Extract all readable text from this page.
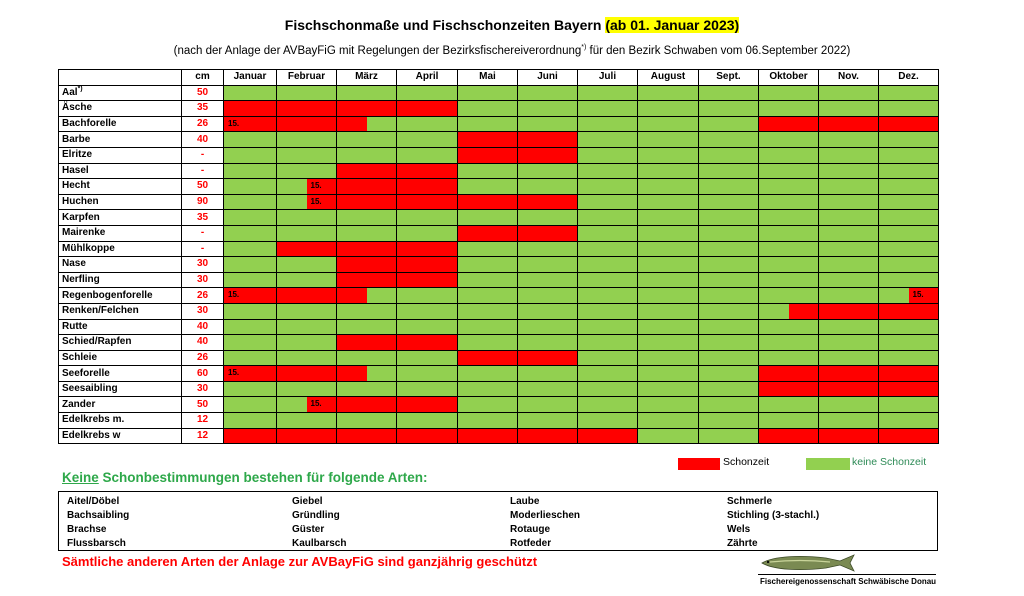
Fischschonmaße und Fischschonzeiten Bayern (ab 01. Januar 2023)
(nach der Anlage der AVBayFiG mit Regelungen der Bezirksfischereiverordnung*) für den Bezirk Schwaben vom 06.September 2022)
	cm	Januar	Februar	März	April	Mai	Juni	Juli	August	Sept.	Oktober	Nov.	Dez.
Aal*)	50	

Äsche	35	

Bachforelle	26	15.											

Barbe	40	

Elritze	-	

Hasel	-	

Hecht	50		15.										

Huchen	90		15.										

Karpfen	35	

Mairenke	-	

Mühlkoppe	-	

Nase	30	

Nerfling	30	

Regenbogenforelle	26	15.											15.

Renken/Felchen	30	

Rutte	40	

Schied/Rapfen	40	

Schleie	26	

Seeforelle	60	15.											

Seesaibling	30	

Zander	50		15.										

Edelkrebs m.	12	

Edelkrebs w	12	

Schonzeit	keine Schonzeit
Keine Schonbestimmungen bestehen für folgende Arten:
Aitel/Döbel
Bachsaibling
Brachse
Flussbarsch
Giebel
Gründling
Güster
Kaulbarsch
Laube
Moderlieschen
Rotauge
Rotfeder
Schmerle
Stichling (3-stachl.)
Wels
Zährte
Sämtliche anderen Arten der Anlage zur AVBayFiG sind ganzjährig geschützt
Fischereigenossenschaft Schwäbische Donau
